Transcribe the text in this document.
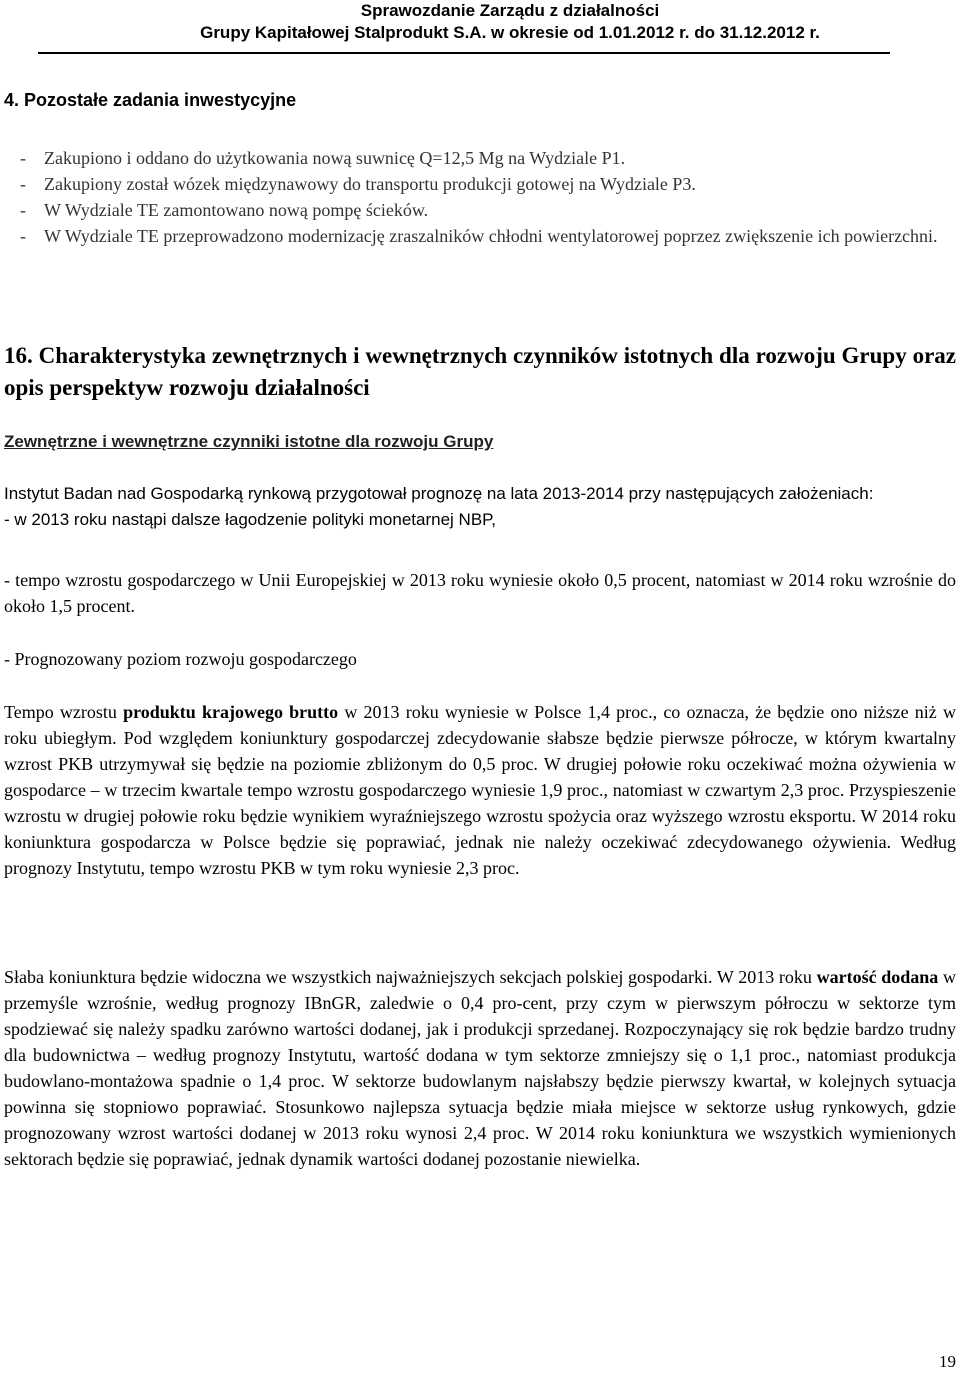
Sprawozdanie Zarządu z działalności
Grupy Kapitałowej Stalprodukt S.A. w okresie od 1.01.2012 r. do 31.12.2012 r.
4. Pozostałe zadania inwestycyjne
- Zakupiono i oddano do użytkowania nową suwnicę Q=12,5 Mg na Wydziale P1.
- Zakupiony został wózek międzynawowy do transportu produkcji gotowej na Wydziale P3.
- W Wydziale TE zamontowano nową pompę ścieków.
- W Wydziale TE przeprowadzono modernizację zraszalników chłodni wentylatorowej poprzez zwiększenie ich powierzchni.
16. Charakterystyka zewnętrznych i wewnętrznych czynników istotnych dla rozwoju Grupy oraz opis perspektyw rozwoju działalności
Zewnętrzne i wewnętrzne czynniki istotne dla rozwoju Grupy

Instytut Badan nad Gospodarką rynkową przygotował prognozę na lata 2013-2014 przy następujących założeniach:

- w 2013 roku nastąpi dalsze łagodzenie polityki monetarnej NBP,

- tempo wzrostu gospodarczego w Unii Europejskiej w 2013 roku wyniesie około 0,5 procent, natomiast w 2014 roku wzrośnie do około 1,5 procent.

- Prognozowany poziom rozwoju gospodarczego

Tempo wzrostu produktu krajowego brutto w 2013 roku wyniesie w Polsce 1,4 proc., co oznacza, że będzie ono niższe niż w roku ubiegłym. Pod względem koniunktury gospodarczej zdecydowanie słabsze będzie pierwsze półrocze, w którym kwartalny wzrost PKB utrzymywał się będzie na poziomie zbliżonym do 0,5 proc. W drugiej połowie roku oczekiwać można ożywienia w gospodarce – w trzecim kwartale tempo wzrostu gospodarczego wyniesie 1,9 proc., natomiast w czwartym 2,3 proc. Przyspieszenie wzrostu w drugiej połowie roku będzie wynikiem wyraźniejszego wzrostu spożycia oraz wyższego wzrostu eksportu. W 2014 roku koniunktura gospodarcza w Polsce będzie się poprawiać, jednak nie należy oczekiwać zdecydowanego ożywienia. Według prognozy Instytutu, tempo wzrostu PKB w tym roku wyniesie 2,3 proc.

Słaba koniunktura będzie widoczna we wszystkich najważniejszych sekcjach polskiej gospodarki. W 2013 roku wartość dodana w przemyśle wzrośnie, według prognozy IBnGR, zaledwie o 0,4 pro-cent, przy czym w pierwszym półroczu w sektorze tym spodziewać się należy spadku zarówno wartości dodanej, jak i produkcji sprzedanej. Rozpoczynający się rok będzie bardzo trudny dla budownictwa – według prognozy Instytutu, wartość dodana w tym sektorze zmniejszy się o 1,1 proc., natomiast produkcja budowlano-montażowa spadnie o 1,4 proc. W sektorze budowlanym najsłabszy będzie pierwszy kwartał, w kolejnych sytuacja powinna się stopniowo poprawiać. Stosunkowo najlepsza sytuacja będzie miała miejsce w sektorze usług rynkowych, gdzie prognozowany wzrost wartości dodanej w 2013 roku wynosi 2,4 proc. W 2014 roku koniunktura we wszystkich wymienionych sektorach będzie się poprawiać, jednak dynamik wartości dodanej pozostanie niewielka.

19
